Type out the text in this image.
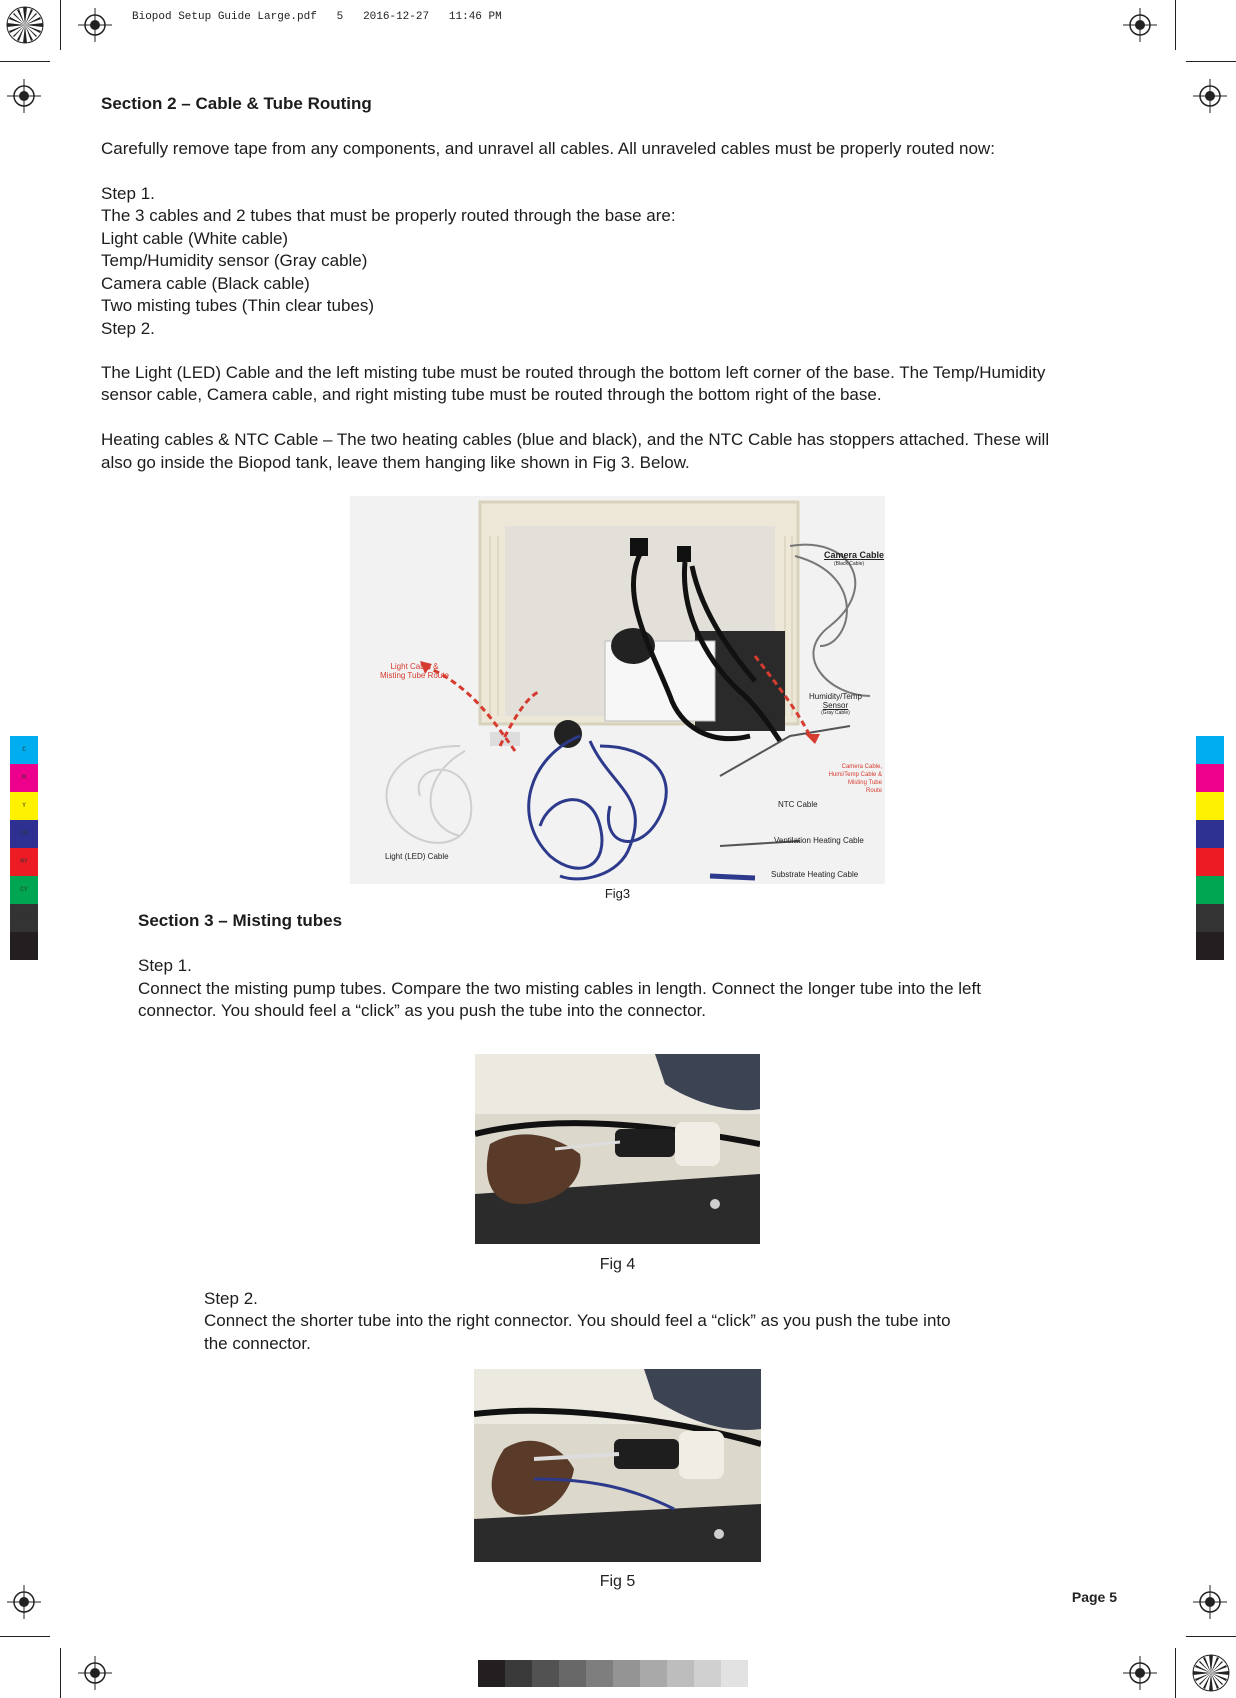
Biopod Setup Guide Large.pdf 5 2016-12-27 11:46 PM
C
M
Y
CM
MY
CY
CMY
Section 2 – Cable & Tube Routing
Carefully remove tape from any components, and unravel all cables. All unraveled cables must be properly routed now:
Step 1.
The 3 cables and 2 tubes that must be properly routed through the base are:
Light cable (White cable)
Temp/Humidity sensor (Gray cable)
Camera cable (Black cable)
Two misting tubes (Thin clear tubes)
Step 2.
The Light (LED) Cable and the left misting tube must be routed through the bottom left corner of the base. The Temp/Humidity
sensor cable, Camera cable, and right misting tube must be routed through the bottom right of the base.
Heating cables & NTC Cable – The two heating cables (blue and black), and the NTC Cable has stoppers attached. These will
also go inside the Biopod tank, leave them hanging like shown in Fig 3. Below.
Camera Cable
(Black Cable)
Light Cable &
Misting Tube Route
Humidity/Temp
Sensor
(Gray Cable)
Camera Cable,
Humi/Temp Cable &
Misting Tube
Route
NTC Cable
Ventilation Heating Cable
Substrate Heating Cable
Light (LED) Cable
Fig3
Section 3 – Misting tubes
Step 1.
Connect the misting pump tubes. Compare the two misting cables in length. Connect the longer tube into the left
connector. You should feel a “click” as you push the tube into the connector.
Fig 4
Step 2.
Connect the shorter tube into the right connector. You should feel a “click” as you push the tube into
the connector.
Fig 5
Page 5
